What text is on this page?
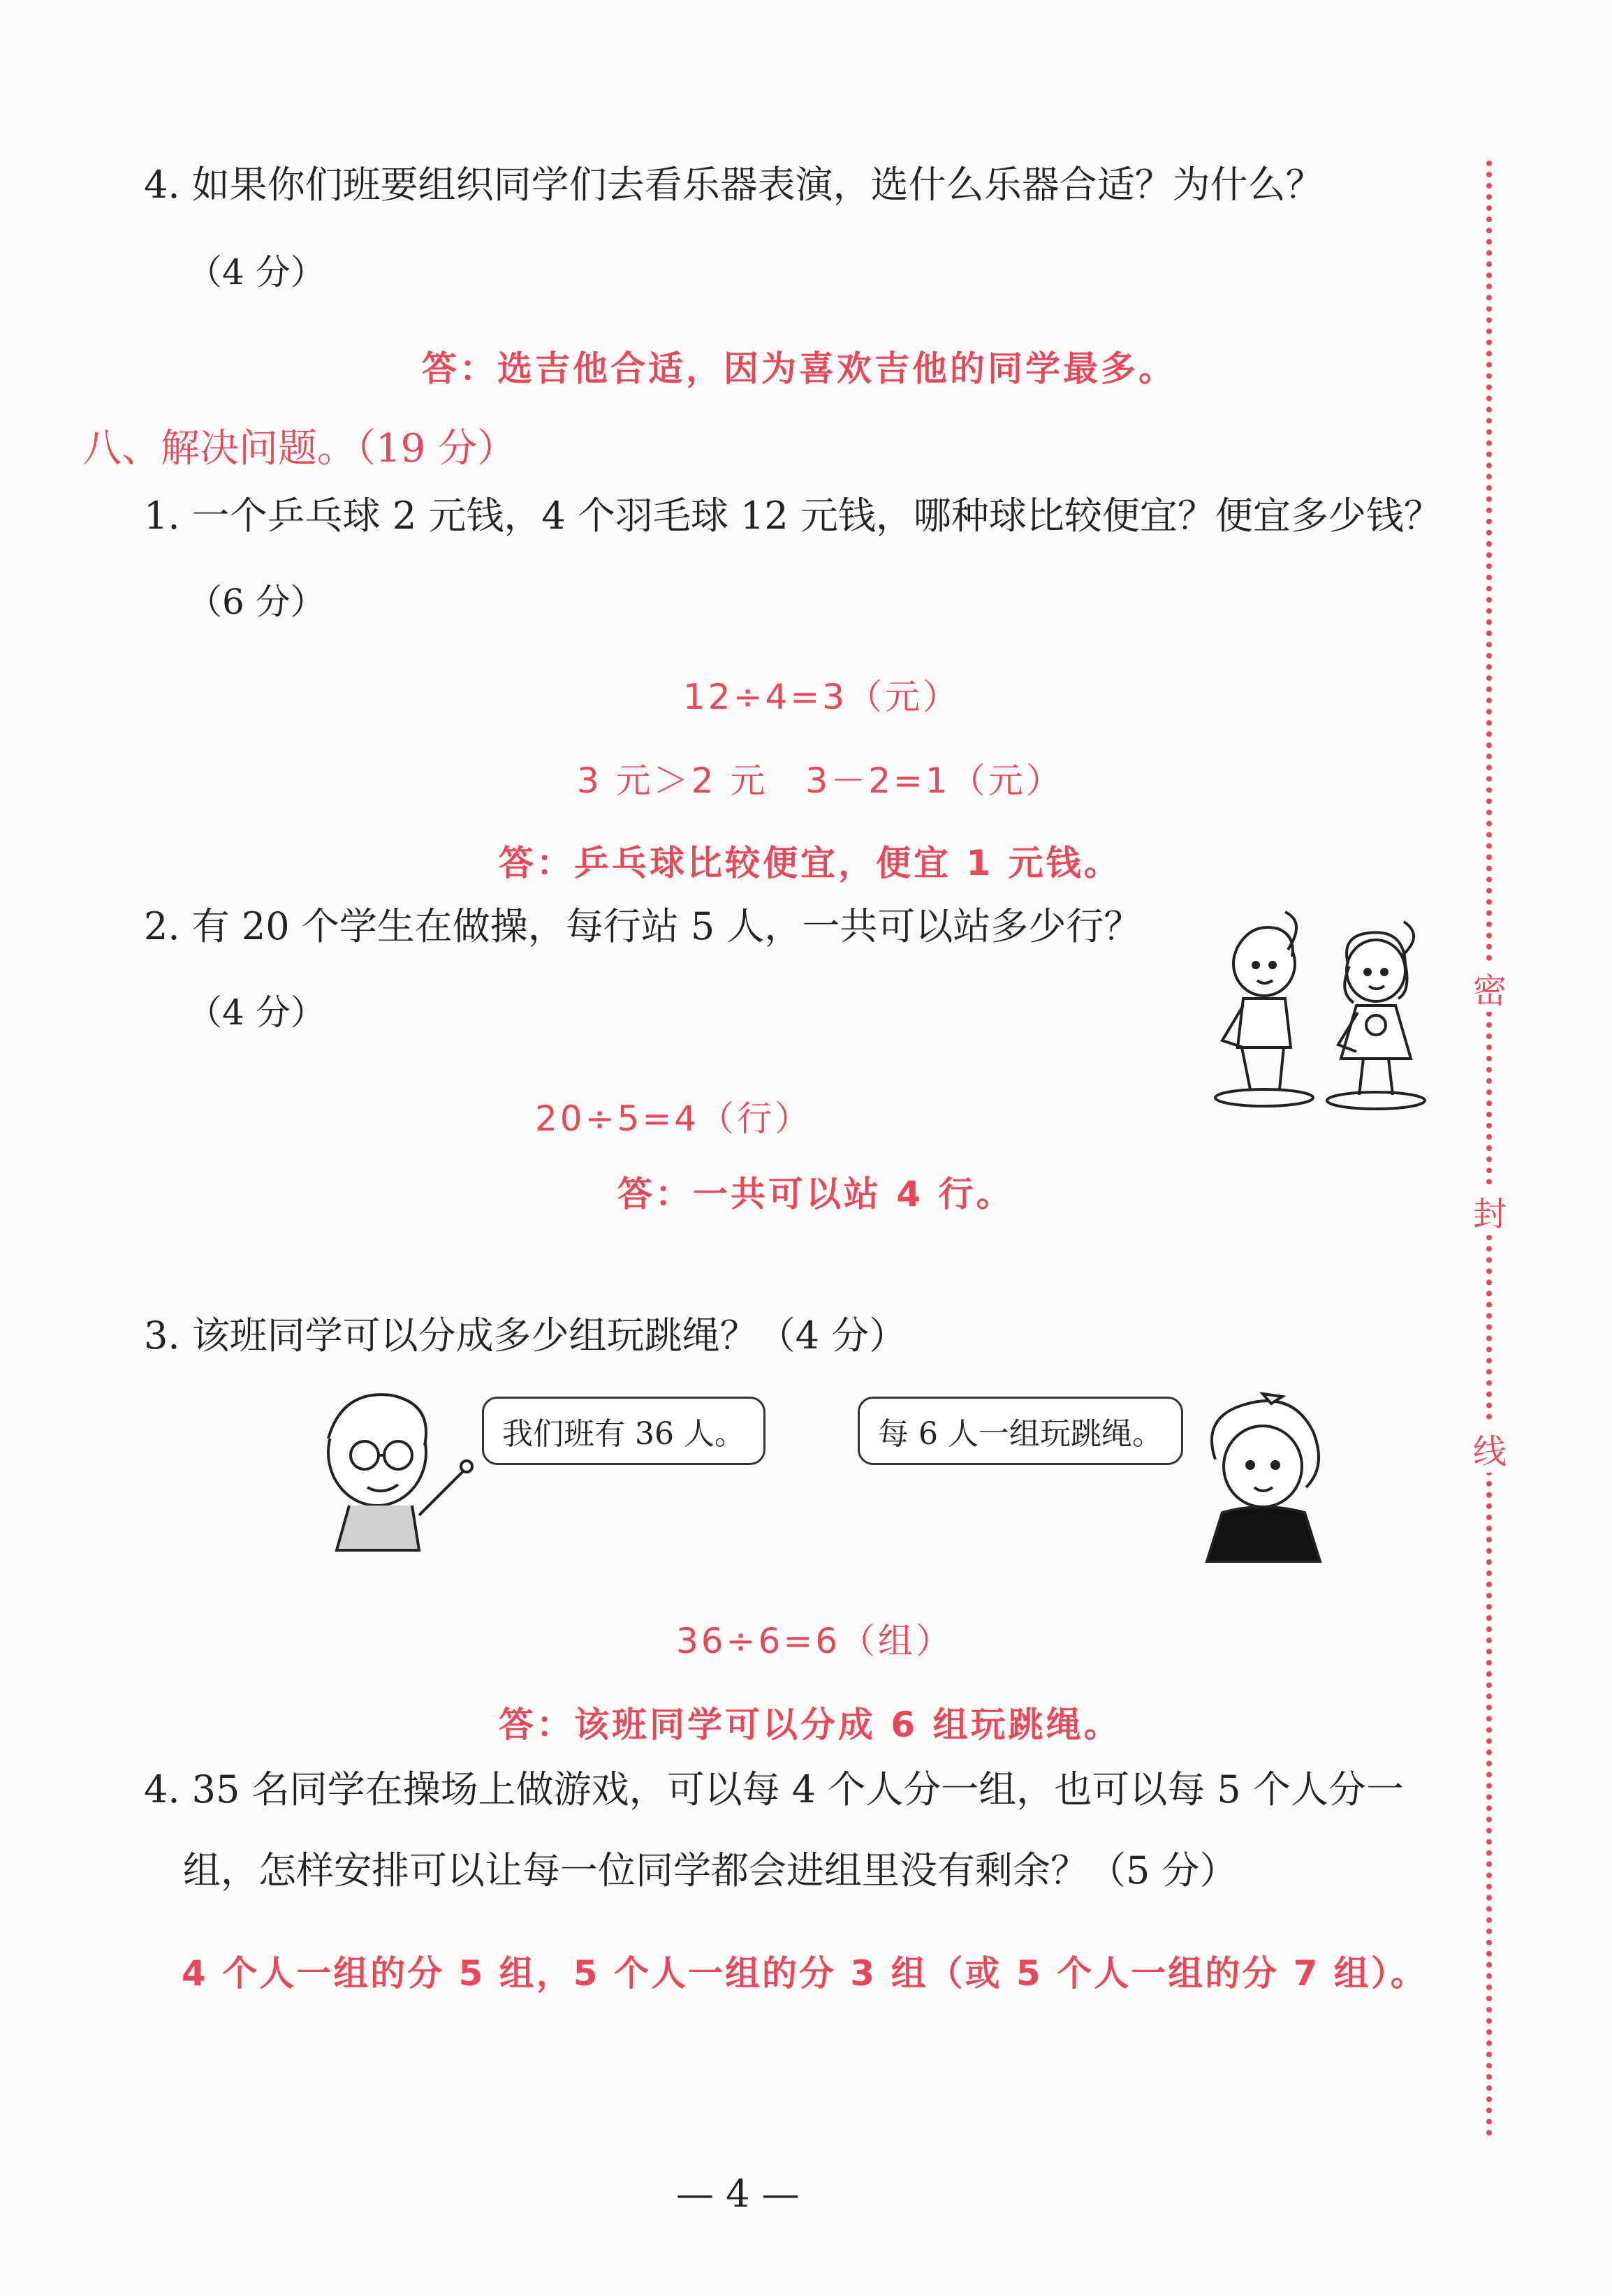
4. 如果你们班要组织同学们去看乐器表演，选什么乐器合适？为什么？
（4 分）
答：选吉他合适，因为喜欢吉他的同学最多。
八、解决问题。（19 分）
1. 一个乒乓球 2 元钱，4 个羽毛球 12 元钱，哪种球比较便宜？便宜多少钱？
（6 分）
12÷4=3（元）
3 元＞2 元　3－2=1（元）
答：乒乓球比较便宜，便宜 1 元钱。
2. 有 20 个学生在做操，每行站 5 人，一共可以站多少行？
（4 分）
20÷5=4（行）
答：一共可以站 4 行。
3. 该班同学可以分成多少组玩跳绳？（4 分）
我们班有 36 人。	每 6 人一组玩跳绳。
36÷6=6（组）
答：该班同学可以分成 6 组玩跳绳。
4. 35 名同学在操场上做游戏，可以每 4 个人分一组，也可以每 5 个人分一
组，怎样安排可以让每一位同学都会进组里没有剩余？（5 分）
4 个人一组的分 5 组，5 个人一组的分 3 组（或 5 个人一组的分 7 组）。
密
封
线
— 4 —
